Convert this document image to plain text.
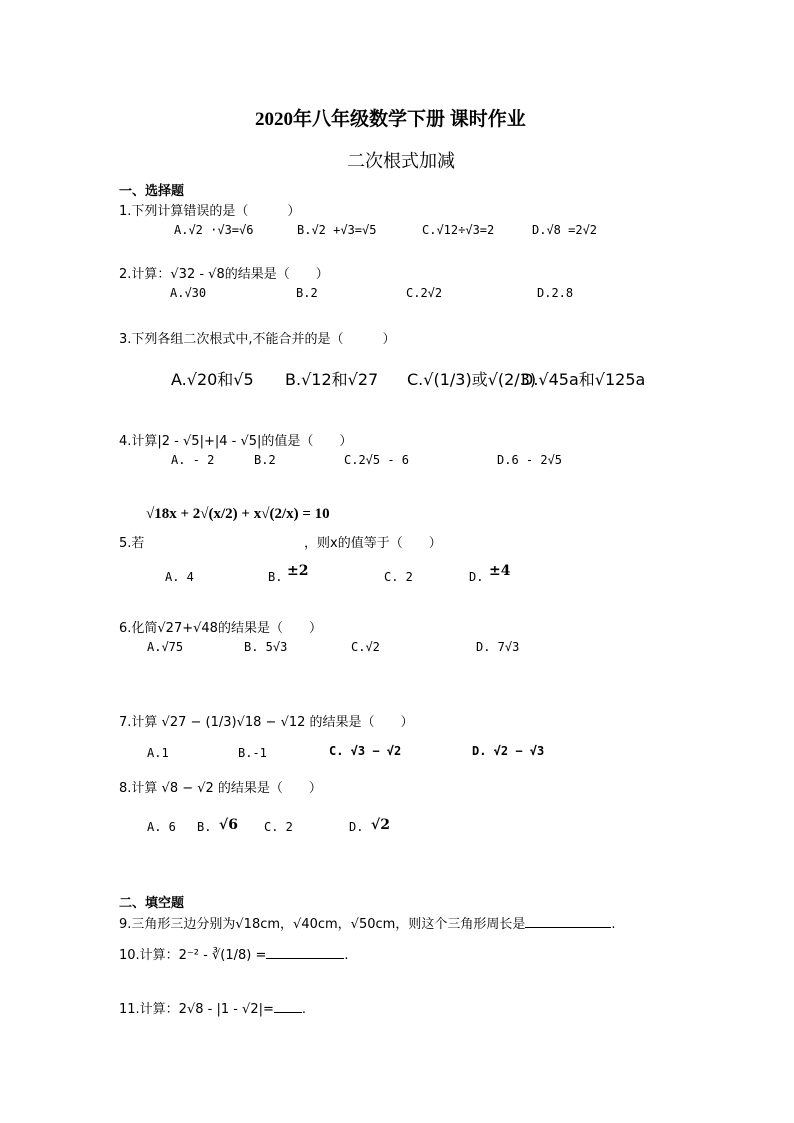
2020年八年级数学下册 课时作业
二次根式加减
一、选择题
1.下列计算错误的是（　　　）
A.√2 ·√3=√6	B.√2 +√3=√5	C.√12÷√3=2	D.√8 =2√2
2.计算：√32 - √8的结果是（　　）
A.√30	B.2	C.2√2	D.2.8
3.下列各组二次根式中,不能合并的是（　　　）
A.√20和√5 B.√12和√27 C.√(1/3)或√(2/3)
D.√45a和√125a
4.计算|2 - √5|+|4 - √5|的值是（　　）
A. - 2	B.2	C.2√5 - 6	D.6 - 2√5
√18x + 2√(x/2) + x√(2/x) = 10
5.若	，则x的值等于（　　）
A. 4	B. ±2	C. 2	D. ±4
6.化简√27+√48的结果是（　　）
A.√75	B. 5√3	C.√2	D. 7√3
7.计算 √27 − (1/3)√18 − √12 的结果是（　　）
A.1	B.-1	C. √3 − √2	D. √2 − √3
8.计算 √8 − √2 的结果是（　　）
A. 6 B. √6 C. 2	D. √2
二、填空题
9.三角形三边分别为√18cm，√40cm，√50cm，则这个三角形周长是	.
10.计算：2⁻² - ∛(1/8) =	.
11.计算：2√8 - |1 - √2|= .
